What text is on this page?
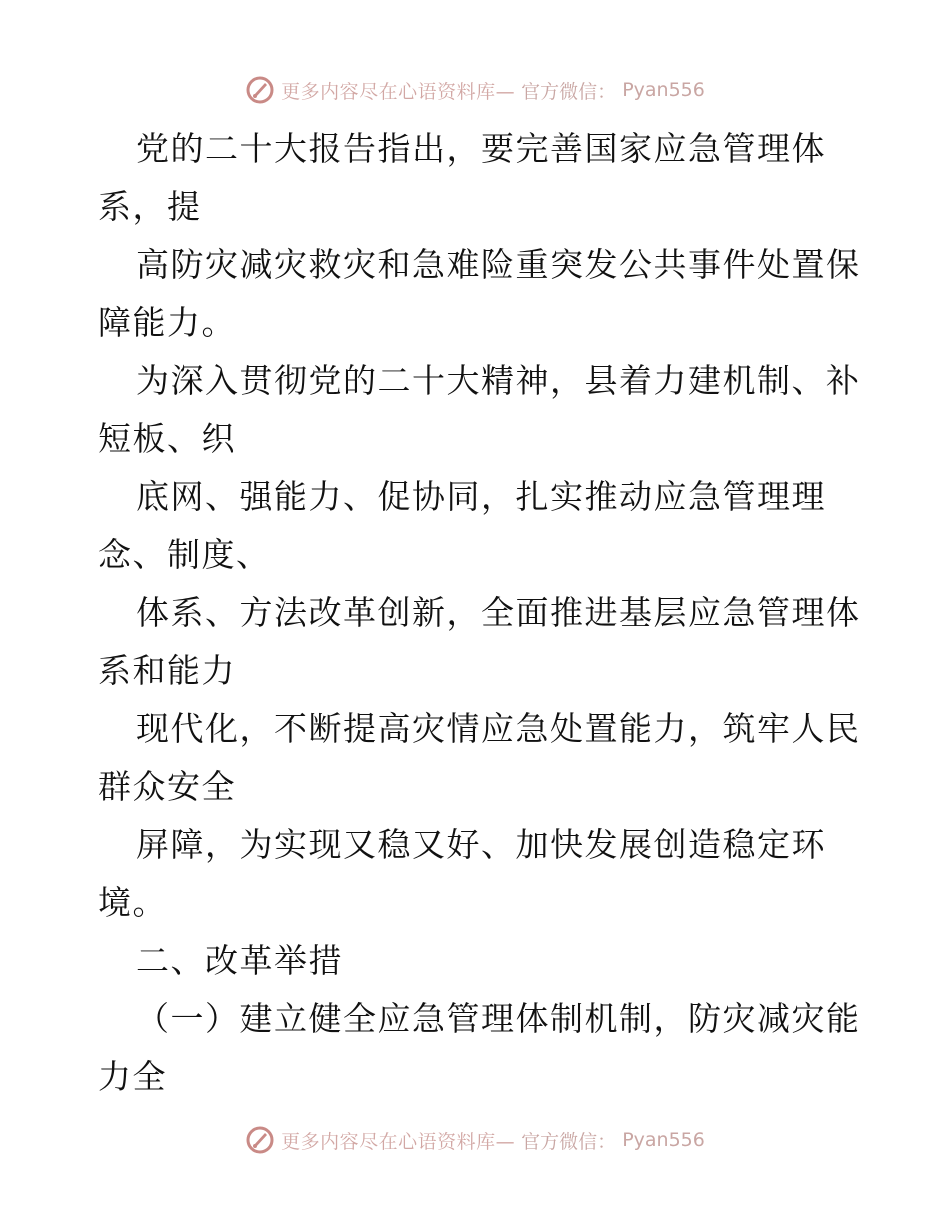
更多内容尽在心语资料库— 官方微信： Pyan556
党的二十大报告指出，要完善国家应急管理体
系，提
高防灾减灾救灾和急难险重突发公共事件处置保
障能力。
为深入贯彻党的二十大精神，县着力建机制、补
短板、织
底网、强能力、促协同，扎实推动应急管理理
念、制度、
体系、方法改革创新，全面推进基层应急管理体
系和能力
现代化，不断提高灾情应急处置能力，筑牢人民
群众安全
屏障，为实现又稳又好、加快发展创造稳定环
境。
二、改革举措
（一）建立健全应急管理体制机制，防灾减灾能
力全
更多内容尽在心语资料库— 官方微信： Pyan556
